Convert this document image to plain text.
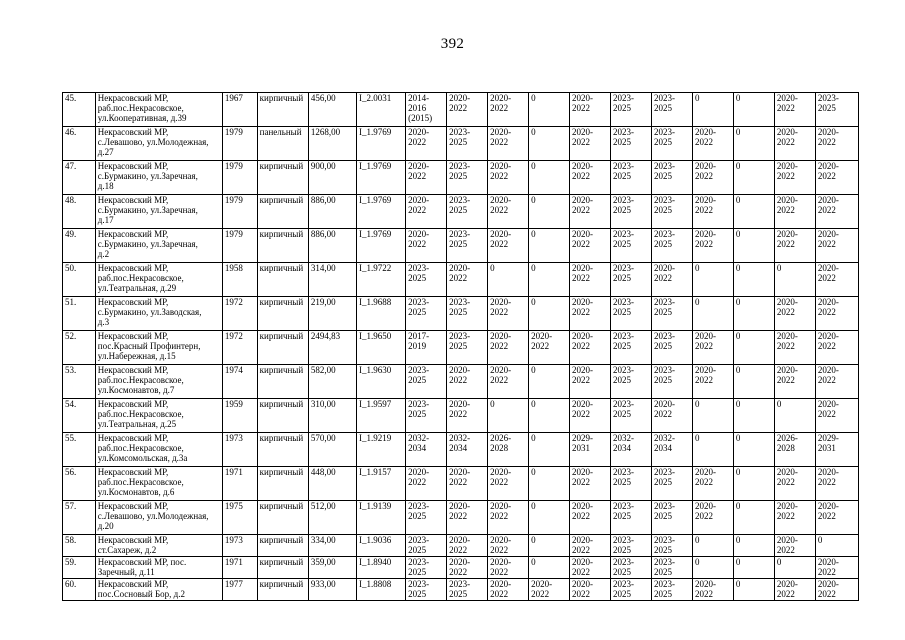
392
45.	Некрасовский МР,
раб.пос.Некрасовское,
ул.Кооперативная, д.39	1967	кирпичный	456,00	I_2.0031	2014-
2016
(2015)	2020-
2022	2020-
2022	0	2020-
2022	2023-
2025	2023-
2025	0	0	2020-
2022	2023-
2025
46.	Некрасовский МР,
с.Левашово, ул.Молодежная,
д.27	1979	панельный	1268,00	I_1.9769	2020-
2022	2023-
2025	2020-
2022	0	2020-
2022	2023-
2025	2023-
2025	2020-
2022	0	2020-
2022	2020-
2022
47.	Некрасовский МР,
с.Бурмакино, ул.Заречная,
д.18	1979	кирпичный	900,00	I_1.9769	2020-
2022	2023-
2025	2020-
2022	0	2020-
2022	2023-
2025	2023-
2025	2020-
2022	0	2020-
2022	2020-
2022
48.	Некрасовский МР,
с.Бурмакино, ул.Заречная,
д.17	1979	кирпичный	886,00	I_1.9769	2020-
2022	2023-
2025	2020-
2022	0	2020-
2022	2023-
2025	2023-
2025	2020-
2022	0	2020-
2022	2020-
2022
49.	Некрасовский МР,
с.Бурмакино, ул.Заречная,
д.2	1979	кирпичный	886,00	I_1.9769	2020-
2022	2023-
2025	2020-
2022	0	2020-
2022	2023-
2025	2023-
2025	2020-
2022	0	2020-
2022	2020-
2022
50.	Некрасовский МР,
раб.пос.Некрасовское,
ул.Театральная, д.29	1958	кирпичный	314,00	I_1.9722	2023-
2025	2020-
2022	0	0	2020-
2022	2023-
2025	2020-
2022	0	0	0	2020-
2022
51.	Некрасовский МР,
с.Бурмакино, ул.Заводская,
д.3	1972	кирпичный	219,00	I_1.9688	2023-
2025	2023-
2025	2020-
2022	0	2020-
2022	2023-
2025	2023-
2025	0	0	2020-
2022	2020-
2022
52.	Некрасовский МР,
пос.Красный Профинтерн,
ул.Набережная, д.15	1972	кирпичный	2494,83	I_1.9650	2017-
2019	2023-
2025	2020-
2022	2020-
2022	2020-
2022	2023-
2025	2023-
2025	2020-
2022	0	2020-
2022	2020-
2022
53.	Некрасовский МР,
раб.пос.Некрасовское,
ул.Космонавтов, д.7	1974	кирпичный	582,00	I_1.9630	2023-
2025	2020-
2022	2020-
2022	0	2020-
2022	2023-
2025	2023-
2025	2020-
2022	0	2020-
2022	2020-
2022
54.	Некрасовский МР,
раб.пос.Некрасовское,
ул.Театральная, д.25	1959	кирпичный	310,00	I_1.9597	2023-
2025	2020-
2022	0	0	2020-
2022	2023-
2025	2020-
2022	0	0	0	2020-
2022
55.	Некрасовский МР,
раб.пос.Некрасовское,
ул.Комсомольская, д.3а	1973	кирпичный	570,00	I_1.9219	2032-
2034	2032-
2034	2026-
2028	0	2029-
2031	2032-
2034	2032-
2034	0	0	2026-
2028	2029-
2031
56.	Некрасовский МР,
раб.пос.Некрасовское,
ул.Космонавтов, д.6	1971	кирпичный	448,00	I_1.9157	2020-
2022	2020-
2022	2020-
2022	0	2020-
2022	2023-
2025	2023-
2025	2020-
2022	0	2020-
2022	2020-
2022
57.	Некрасовский МР,
с.Левашово, ул.Молодежная,
д.20	1975	кирпичный	512,00	I_1.9139	2023-
2025	2020-
2022	2020-
2022	0	2020-
2022	2023-
2025	2023-
2025	2020-
2022	0	2020-
2022	2020-
2022
58.	Некрасовский МР,
ст.Сахареж, д.2	1973	кирпичный	334,00	I_1.9036	2023-
2025	2020-
2022	2020-
2022	0	2020-
2022	2023-
2025	2023-
2025	0	0	2020-
2022	0
59.	Некрасовский МР, пос.
Заречный, д.11	1971	кирпичный	359,00	I_1.8940	2023-
2025	2020-
2022	2020-
2022	0	2020-
2022	2023-
2025	2023-
2025	0	0	0	2020-
2022
60.	Некрасовский МР,
пос.Сосновый Бор, д.2	1977	кирпичный	933,00	I_1.8808	2023-
2025	2023-
2025	2020-
2022	2020-
2022	2020-
2022	2023-
2025	2023-
2025	2020-
2022	0	2020-
2022	2020-
2022
